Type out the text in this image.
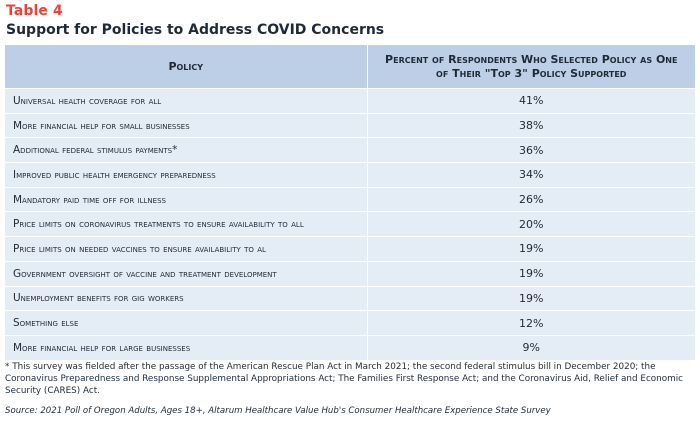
Table 4
Support for Policies to Address COVID Concerns
Policy	Percent of Respondents Who Selected Policy as One of Their "Top 3" Policy Supported
Universal health coverage for all	41%
More financial help for small businesses	38%
Additional federal stimulus payments*	36%
Improved public health emergency preparedness	34%
Mandatory paid time off for illness	26%
Price limits on coronavirus treatments to ensure availability to all	20%
Price limits on needed vaccines to ensure availability to al	19%
Government oversight of vaccine and treatment development	19%
Unemployment benefits for gig workers	19%
Something else	12%
More financial help for large businesses	9%
* This survey was fielded after the passage of the American Rescue Plan Act in March 2021; the second federal stimulus bill in December 2020; the Coronavirus Preparedness and Response Supplemental Appropriations Act; The Families First Response Act; and the Coronavirus Aid, Relief and Economic Security (CARES) Act.
Source: 2021 Poll of Oregon Adults, Ages 18+, Altarum Healthcare Value Hub's Consumer Healthcare Experience State Survey
